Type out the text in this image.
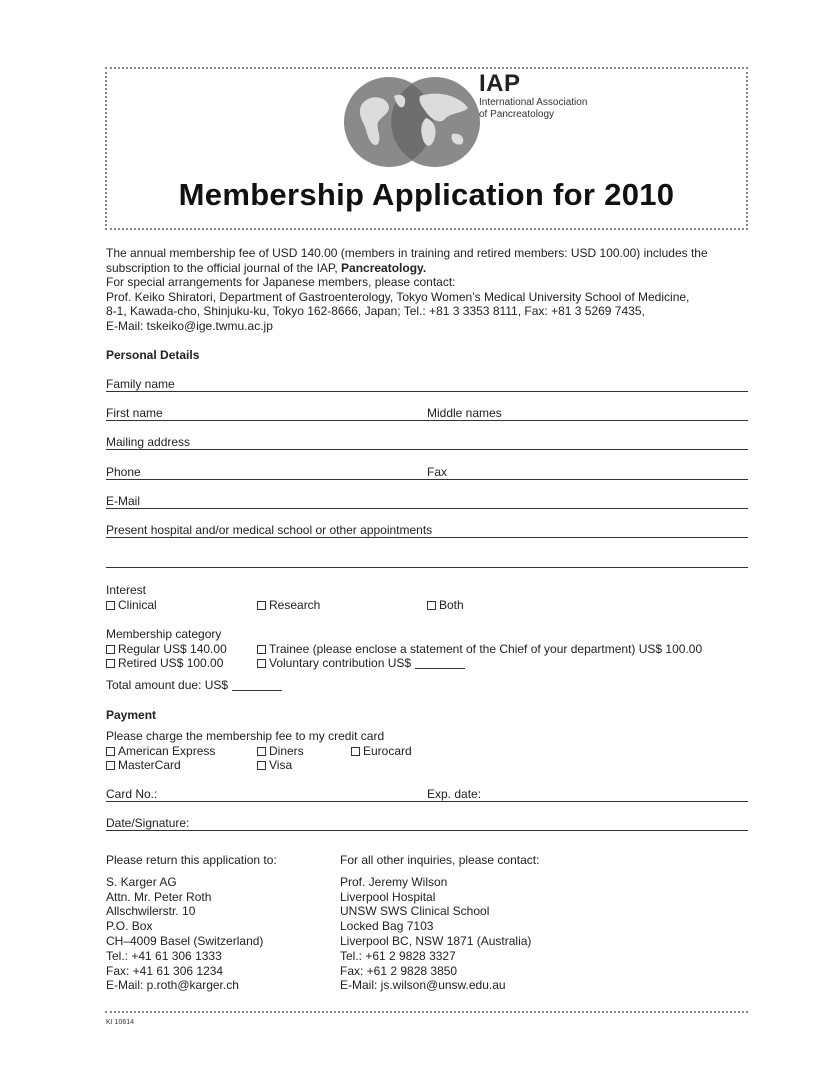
IAP
International Association
of Pancreatology
Membership Application for 2010

The annual membership fee of USD 140.00 (members in training and retired members: USD 100.00) includes the

subscription to the official journal of the IAP, Pancreatology.

For special arrangements for Japanese members, please contact:

Prof. Keiko Shiratori, Department of Gastroenterology, Tokyo Women’s Medical University School of Medicine,

8-1, Kawada-cho, Shinjuku-ku, Tokyo 162-8666, Japan; Tel.: +81 3 3353 8111, Fax: +81 3 5269 7435,

E-Mail: tskeiko@ige.twmu.ac.jp

Personal Details
Family name
First name	Middle names
Mailing address
Phone	Fax
E-Mail
Present hospital and/or medical school or other appointments
Interest
Clinical	Research	Both
Membership category
Regular US$ 140.00	Trainee (please enclose a statement of the Chief of your department) US$ 100.00
Retired US$ 100.00	Voluntary contribution US$
Total amount due: US$
Payment
Please charge the membership fee to my credit card
American Express	Diners	Eurocard
MasterCard	Visa
Card No.:	Exp. date:
Date/Signature:
Please return this application to:
S. Karger AG
Attn. Mr. Peter Roth
Allschwilerstr. 10
P.O. Box
CH–4009 Basel (Switzerland)
Tel.: +41 61 306 1333
Fax: +41 61 306 1234
E-Mail: p.roth@karger.ch
For all other inquiries, please contact:
Prof. Jeremy Wilson
Liverpool Hospital
UNSW SWS Clinical School
Locked Bag 7103
Liverpool BC, NSW 1871 (Australia)
Tel.: +61 2 9828 3327
Fax: +61 2 9828 3850
E-Mail: js.wilson@unsw.edu.au
KI 10614
